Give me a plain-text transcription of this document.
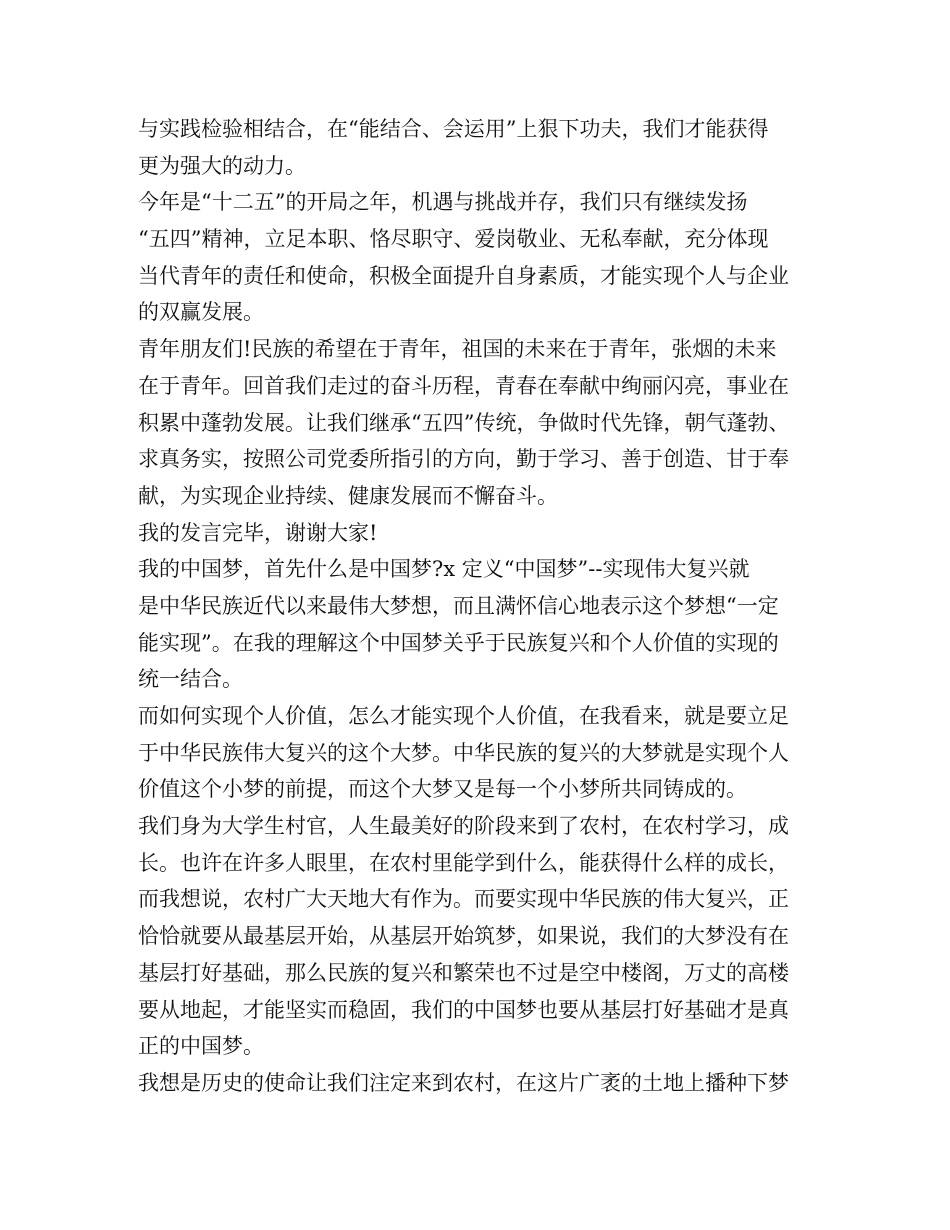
与实践检验相结合，在“能结合、会运用”上狠下功夫，我们才能获得
更为强大的动力。
今年是“十二五”的开局之年，机遇与挑战并存，我们只有继续发扬
“五四”精神，立足本职、恪尽职守、爱岗敬业、无私奉献，充分体现
当代青年的责任和使命，积极全面提升自身素质，才能实现个人与企业
的双赢发展。
青年朋友们!民族的希望在于青年，祖国的未来在于青年，张烟的未来
在于青年。回首我们走过的奋斗历程，青春在奉献中绚丽闪亮，事业在
积累中蓬勃发展。让我们继承“五四”传统，争做时代先锋，朝气蓬勃、
求真务实，按照公司党委所指引的方向，勤于学习、善于创造、甘于奉
献，为实现企业持续、健康发展而不懈奋斗。
我的发言完毕，谢谢大家!
我的中国梦，首先什么是中国梦?x 定义“中国梦”--实现伟大复兴就
是中华民族近代以来最伟大梦想，而且满怀信心地表示这个梦想“一定
能实现”。在我的理解这个中国梦关乎于民族复兴和个人价值的实现的
统一结合。
而如何实现个人价值，怎么才能实现个人价值，在我看来，就是要立足
于中华民族伟大复兴的这个大梦。中华民族的复兴的大梦就是实现个人
价值这个小梦的前提，而这个大梦又是每一个小梦所共同铸成的。
我们身为大学生村官，人生最美好的阶段来到了农村，在农村学习，成
长。也许在许多人眼里，在农村里能学到什么，能获得什么样的成长，
而我想说，农村广大天地大有作为。而要实现中华民族的伟大复兴，正
恰恰就要从最基层开始，从基层开始筑梦，如果说，我们的大梦没有在
基层打好基础，那么民族的复兴和繁荣也不过是空中楼阁，万丈的高楼
要从地起，才能坚实而稳固，我们的中国梦也要从基层打好基础才是真
正的中国梦。
我想是历史的使命让我们注定来到农村，在这片广袤的土地上播种下梦
